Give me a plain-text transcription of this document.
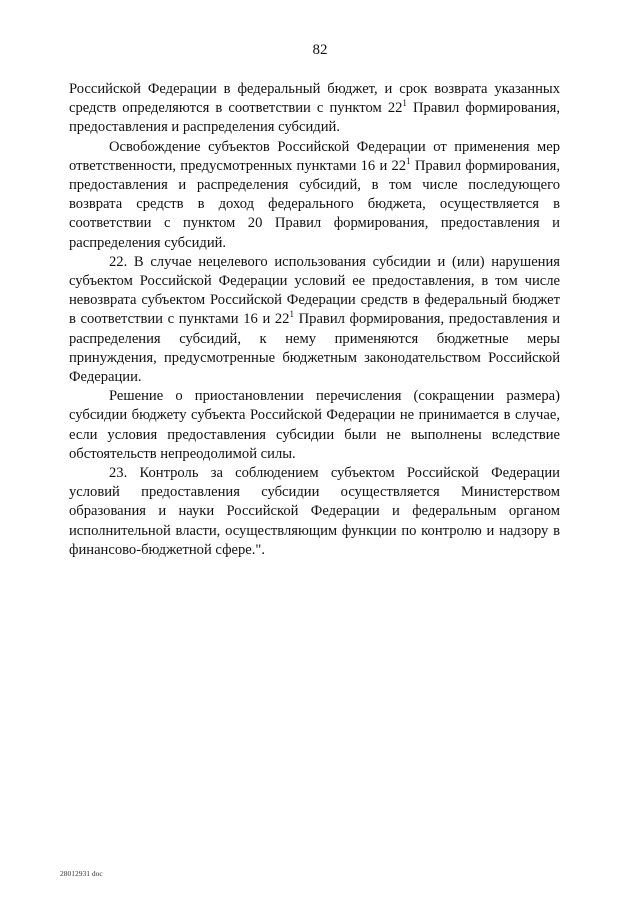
82

Российской Федерации в федеральный бюджет, и срок возврата указанных средств определяются в соответствии с пунктом $22^1$ Правил формирования, предоставления и распределения субсидий.

Освобождение субъектов Российской Федерации от применения мер ответственности, предусмотренных пунктами 16 и $22^1$ Правил формирования, предоставления и распределения субсидий, в том числе последующего возврата средств в доход федерального бюджета, осуществляется в соответствии с пунктом 20 Правил формирования, предоставления и распределения субсидий.

22. В случае нецелевого использования субсидии и (или) нарушения субъектом Российской Федерации условий ее предоставления, в том числе невозврата субъектом Российской Федерации средств в федеральный бюджет в соответствии с пунктами 16 и $22^1$ Правил формирования, предоставления и распределения субсидий, к нему применяются бюджетные меры принуждения, предусмотренные бюджетным законодательством Российской Федерации.

Решение о приостановлении перечисления (сокращении размера) субсидии бюджету субъекта Российской Федерации не принимается в случае, если условия предоставления субсидии были не выполнены вследствие обстоятельств непреодолимой силы.

23. Контроль за соблюдением субъектом Российской Федерации условий предоставления субсидии осуществляется Министерством образования и науки Российской Федерации и федеральным органом исполнительной власти, осуществляющим функции по контролю и надзору в финансово-бюджетной сфере.".

28012931 doc
